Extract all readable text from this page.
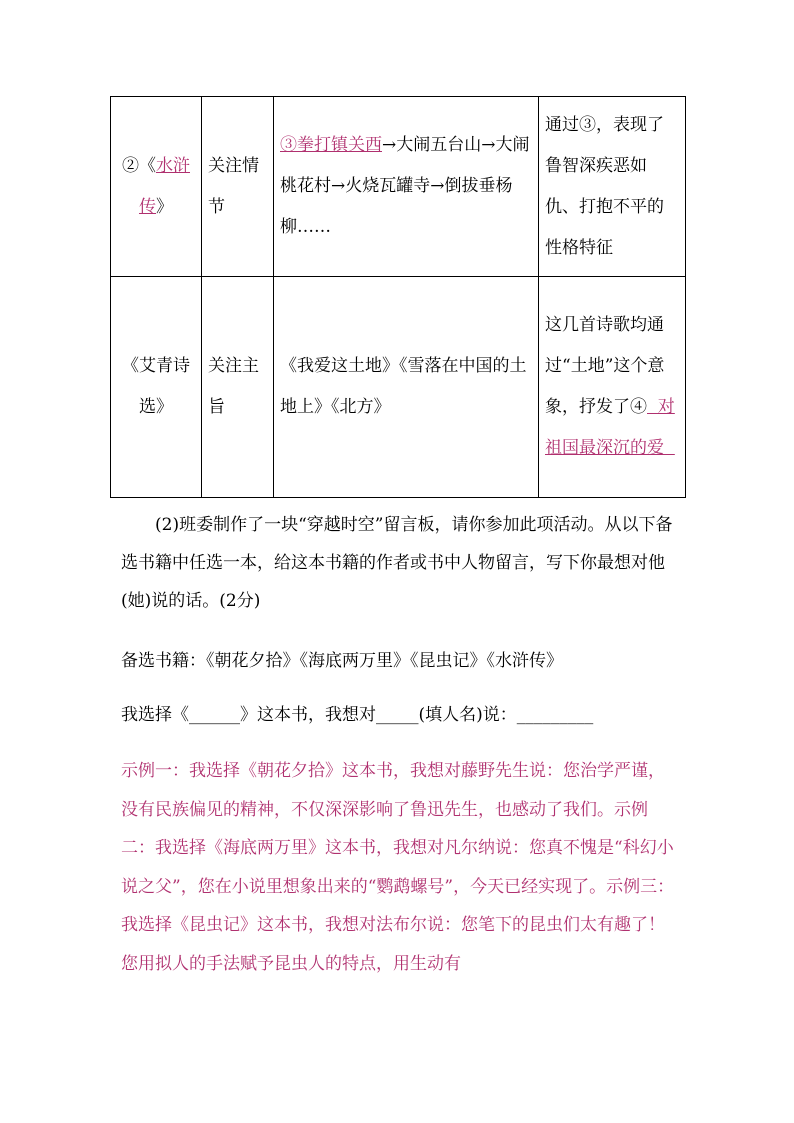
②《水浒传》	关注情节	③拳打镇关西→大闹五台山→大闹桃花村→火烧瓦罐寺→倒拔垂杨柳……	通过③，表现了鲁智深疾恶如仇、打抱不平的性格特征
《艾青诗选》	关注主旨	《我爱这土地》《雪落在中国的土地上》《北方》	这几首诗歌均通过“土地”这个意象，抒发了④  对祖国最深沉的爱
(2)班委制作了一块“穿越时空”留言板，请你参加此项活动。从以下备选书籍中任选一本，给这本书籍的作者或书中人物留言，写下你最想对他(她)说的话。(2分)
备选书籍：《朝花夕拾》《海底两万里》《昆虫记》《水浒传》
我选择《______》这本书，我想对_____(填人名)说：_________
示例一：我选择《朝花夕拾》这本书，我想对藤野先生说：您治学严谨，没有民族偏见的精神，不仅深深影响了鲁迅先生，也感动了我们。示例二：我选择《海底两万里》这本书，我想对凡尔纳说：您真不愧是“科幻小说之父”，您在小说里想象出来的“鹦鹉螺号”，今天已经实现了。示例三：我选择《昆虫记》这本书，我想对法布尔说：您笔下的昆虫们太有趣了！您用拟人的手法赋予昆虫人的特点，用生动有
